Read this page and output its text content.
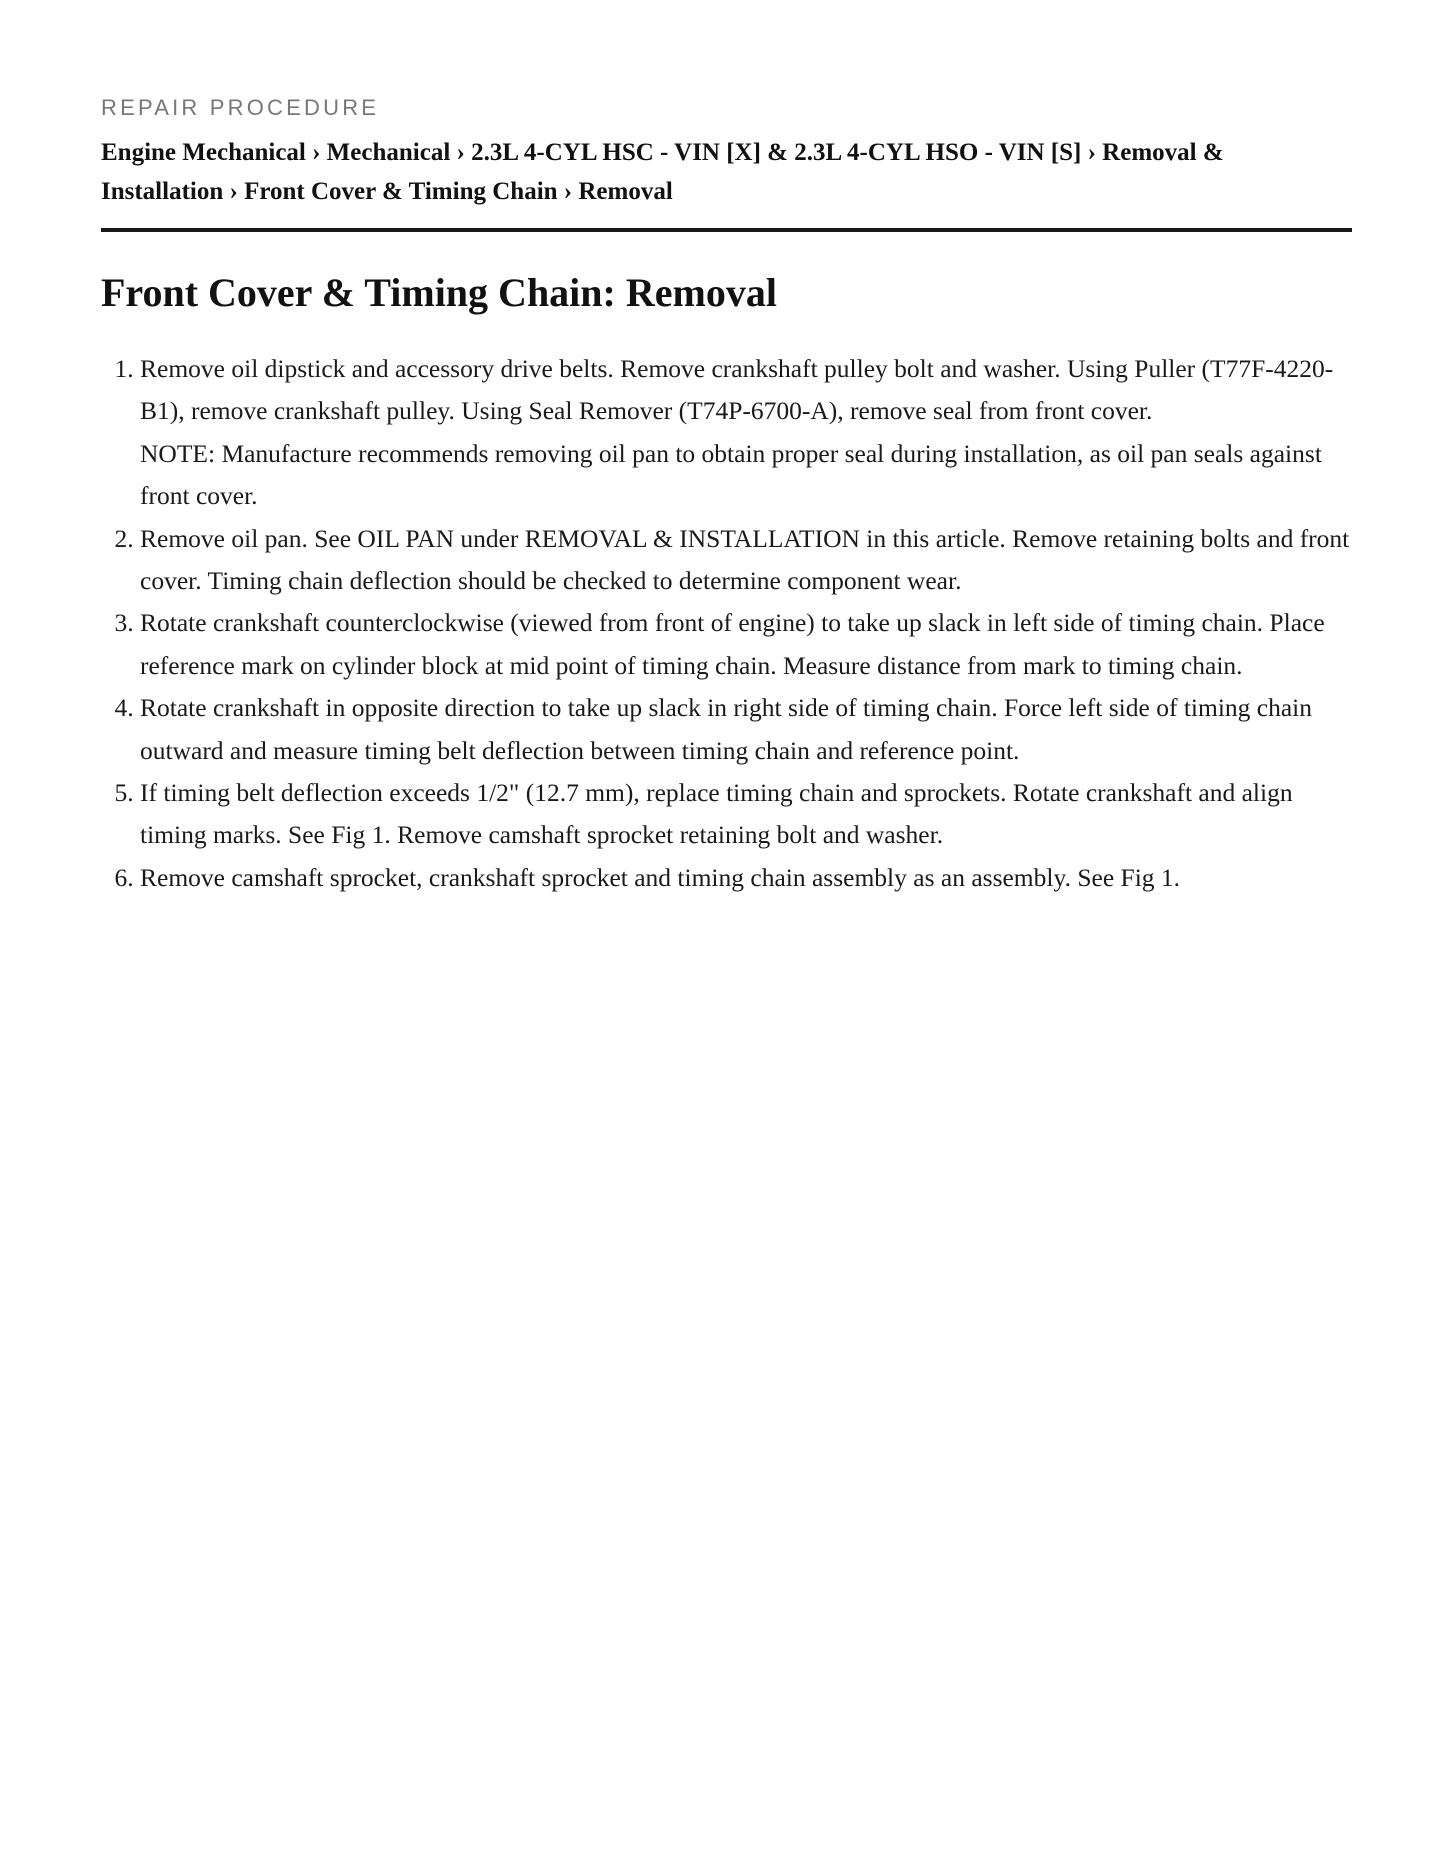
REPAIR PROCEDURE

Engine Mechanical › Mechanical › 2.3L 4-CYL HSC - VIN [X] & 2.3L 4-CYL HSO - VIN [S] › Removal & Installation › Front Cover & Timing Chain › Removal

Front Cover & Timing Chain: Removal
1. Remove oil dipstick and accessory drive belts. Remove crankshaft pulley bolt and washer. Using Puller (T77F-4220-B1), remove crankshaft pulley. Using Seal Remover (T74P-6700-A), remove seal from front cover.
NOTE: Manufacture recommends removing oil pan to obtain proper seal during installation, as oil pan seals against front cover.
2. Remove oil pan. See OIL PAN under REMOVAL & INSTALLATION in this article. Remove retaining bolts and front cover. Timing chain deflection should be checked to determine component wear.
3. Rotate crankshaft counterclockwise (viewed from front of engine) to take up slack in left side of timing chain. Place reference mark on cylinder block at mid point of timing chain. Measure distance from mark to timing chain.
4. Rotate crankshaft in opposite direction to take up slack in right side of timing chain. Force left side of timing chain outward and measure timing belt deflection between timing chain and reference point.
5. If timing belt deflection exceeds 1/2" (12.7 mm), replace timing chain and sprockets. Rotate crankshaft and align timing marks. See Fig 1. Remove camshaft sprocket retaining bolt and washer.
6. Remove camshaft sprocket, crankshaft sprocket and timing chain assembly as an assembly. See Fig 1.
